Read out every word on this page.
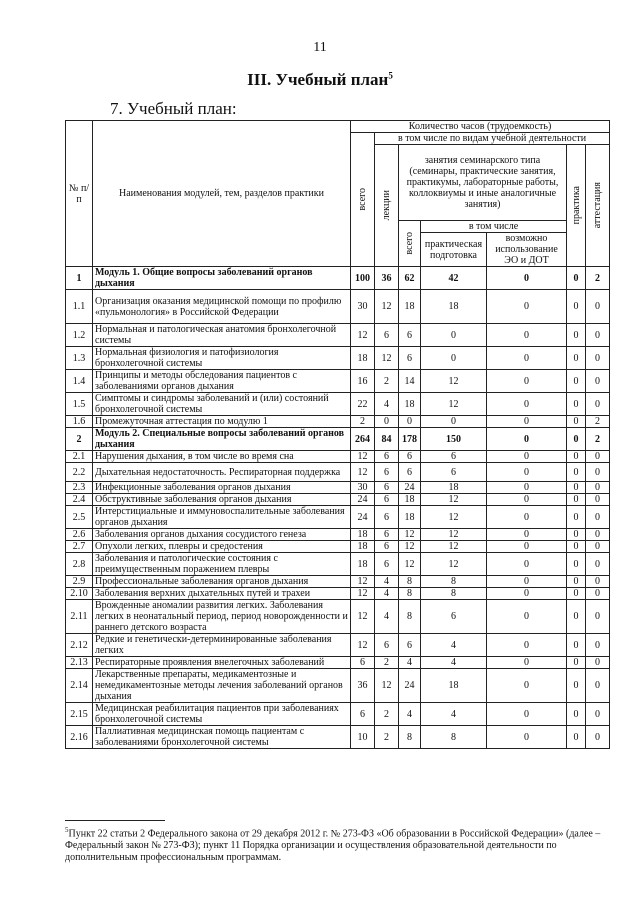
11
III. Учебный план$^5$
7. Учебный план:
№ п/ п	Наименования модулей, тем, разделов практики	Количество часов (трудоемкость)						

		всего	в том числе по видам учебной деятельности					

			лекции	занятия семинарского типа (семинары, практические занятия, практикумы, лабораторные работы, коллоквиумы и иные аналогичные занятия)			практика	аттестация

				всего	в том числе			
					практическая подготовка	возможно использование ЭО и ДОТ		
1	Модуль 1. Общие вопросы заболеваний органов дыхания	100	36	62	42	0	0	2
1.1	Организация оказания медицинской помощи по профилю «пульмонология» в Российской Федерации	30	12	18	18	0	0	0
1.2	Нормальная и патологическая анатомия бронхолегочной системы	12	6	6	0	0	0	0
1.3	Нормальная физиология и патофизиология бронхолегочной системы	18	12	6	0	0	0	0
1.4	Принципы и методы обследования пациентов с заболеваниями органов дыхания	16	2	14	12	0	0	0
1.5	Симптомы и синдромы заболеваний и (или) состояний бронхолегочной системы	22	4	18	12	0	0	0
1.6	Промежуточная аттестация по модулю 1	2	0	0	0	0	0	2
2	Модуль 2. Специальные вопросы заболеваний органов дыхания	264	84	178	150	0	0	2
2.1	Нарушения дыхания, в том числе во время сна	12	6	6	6	0	0	0
2.2	Дыхательная недостаточность. Респираторная поддержка	12	6	6	6	0	0	0
2.3	Инфекционные заболевания органов дыхания	30	6	24	18	0	0	0
2.4	Обструктивные заболевания органов дыхания	24	6	18	12	0	0	0
2.5	Интерстициальные и иммуновоспалительные заболевания органов дыхания	24	6	18	12	0	0	0
2.6	Заболевания органов дыхания сосудистого генеза	18	6	12	12	0	0	0
2.7	Опухоли легких, плевры и средостения	18	6	12	12	0	0	0
2.8	Заболевания и патологические состояния с преимущественным поражением плевры	18	6	12	12	0	0	0
2.9	Профессиональные заболевания органов дыхания	12	4	8	8	0	0	0
2.10	Заболевания верхних дыхательных путей и трахеи	12	4	8	8	0	0	0
2.11	Врожденные аномалии развития легких. Заболевания легких в неонатальный период, период новорожденности и раннего детского возраста	12	4	8	6	0	0	0
2.12	Редкие и генетически-детерминированные заболевания легких	12	6	6	4	0	0	0
2.13	Респираторные проявления внелегочных заболеваний	6	2	4	4	0	0	0
2.14	Лекарственные препараты, медикаментозные и немедикаментозные методы лечения заболеваний органов дыхания	36	12	24	18	0	0	0
2.15	Медицинская реабилитация пациентов при заболеваниях бронхолегочной системы	6	2	4	4	0	0	0
2.16	Паллиативная медицинская помощь пациентам с заболеваниями бронхолегочной системы	10	2	8	8	0	0	0
$^5$Пункт 22 статьи 2 Федерального закона от 29 декабря 2012 г. № 273-ФЗ «Об образовании в Российской Федерации» (далее – Федеральный закон № 273-ФЗ); пункт 11 Порядка организации и осуществления образовательной деятельности по дополнительным профессиональным программам.
